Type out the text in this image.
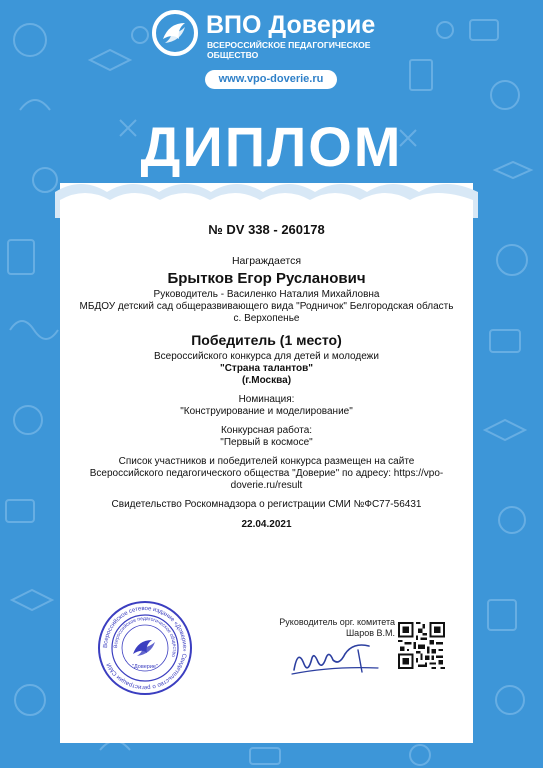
ВПО Доверие
ВСЕРОССИЙСКОЕ ПЕДАГОГИЧЕСКОЕ ОБЩЕСТВО
www.vpo-doverie.ru
ДИПЛОМ
№ DV 338 - 260178
Награждается
Брытков Егор Русланович
Руководитель - Василенко Наталия Михайловна
МБДОУ детский сад общеразвивающего вида "Родничок" Белгородская область
с. Верхопенье
Победитель (1 место)
Всероссийского конкурса для детей и молодежи
"Страна талантов"
(г.Москва)
Номинация:
"Конструирование и моделирование"
Конкурсная работа:
"Первый в космосе"
Список участников и победителей конкурса размещен на сайте
Всероссийского педагогического общества "Доверие" по адресу: https://vpo-
doverie.ru/result
Свидетельство Роскомнадзора о регистрации СМИ №ФС77-56431
22.04.2021
Всероссийское сетевое издание «Доверие» Свидетельство о регистрации СМИ
Всероссийское педагогическое общество
"Доверие"
Руководитель орг. комитета
Шаров В.М.
